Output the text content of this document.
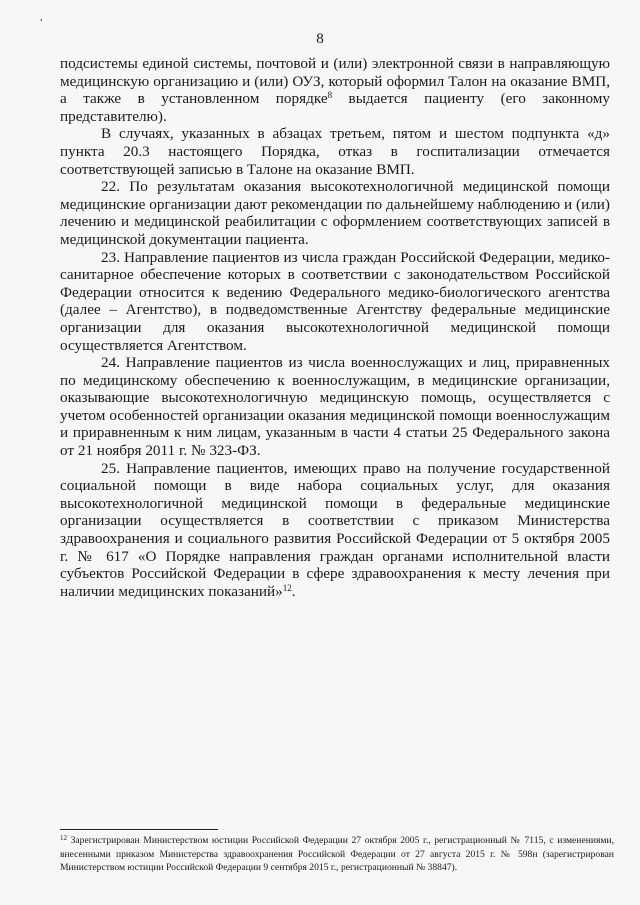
,
8

подсистемы единой системы, почтовой и (или) электронной связи в направляющую медицинскую организацию и (или) ОУЗ, который оформил Талон на оказание ВМП, а также в установленном порядке$^8$ выдается пациенту (его законному представителю).

В случаях, указанных в абзацах третьем, пятом и шестом подпункта «д» пункта 20.3 настоящего Порядка, отказ в госпитализации отмечается соответствующей записью в Талоне на оказание ВМП.

22. По результатам оказания высокотехнологичной медицинской помощи медицинские организации дают рекомендации по дальнейшему наблюдению и (или) лечению и медицинской реабилитации с оформлением соответствующих записей в медицинской документации пациента.

23. Направление пациентов из числа граждан Российской Федерации, медико-санитарное обеспечение которых в соответствии с законодательством Российской Федерации относится к ведению Федерального медико-биологического агентства (далее – Агентство), в подведомственные Агентству федеральные медицинские организации для оказания высокотехнологичной медицинской помощи осуществляется Агентством.

24. Направление пациентов из числа военнослужащих и лиц, приравненных по медицинскому обеспечению к военнослужащим, в медицинские организации, оказывающие высокотехнологичную медицинскую помощь, осуществляется с учетом особенностей организации оказания медицинской помощи военнослужащим и приравненным к ним лицам, указанным в части 4 статьи 25 Федерального закона от 21 ноября 2011 г. № 323-ФЗ.

25. Направление пациентов, имеющих право на получение государственной социальной помощи в виде набора социальных услуг, для оказания высокотехнологичной медицинской помощи в федеральные медицинские организации осуществляется в соответствии с приказом Министерства здравоохранения и социального развития Российской Федерации от 5 октября 2005 г. № 617 «О Порядке направления граждан органами исполнительной власти субъектов Российской Федерации в сфере здравоохранения к месту лечения при наличии медицинских показаний»$^{12}$.

$^{12}$ Зарегистрирован Министерством юстиции Российской Федерации 27 октября 2005 г., регистрационный № 7115, с изменениями, внесенными приказом Министерства здравоохранения Российской Федерации от 27 августа 2015 г. № 598н (зарегистрирован Министерством юстиции Российской Федерации 9 сентября 2015 г., регистрационный № 38847).
